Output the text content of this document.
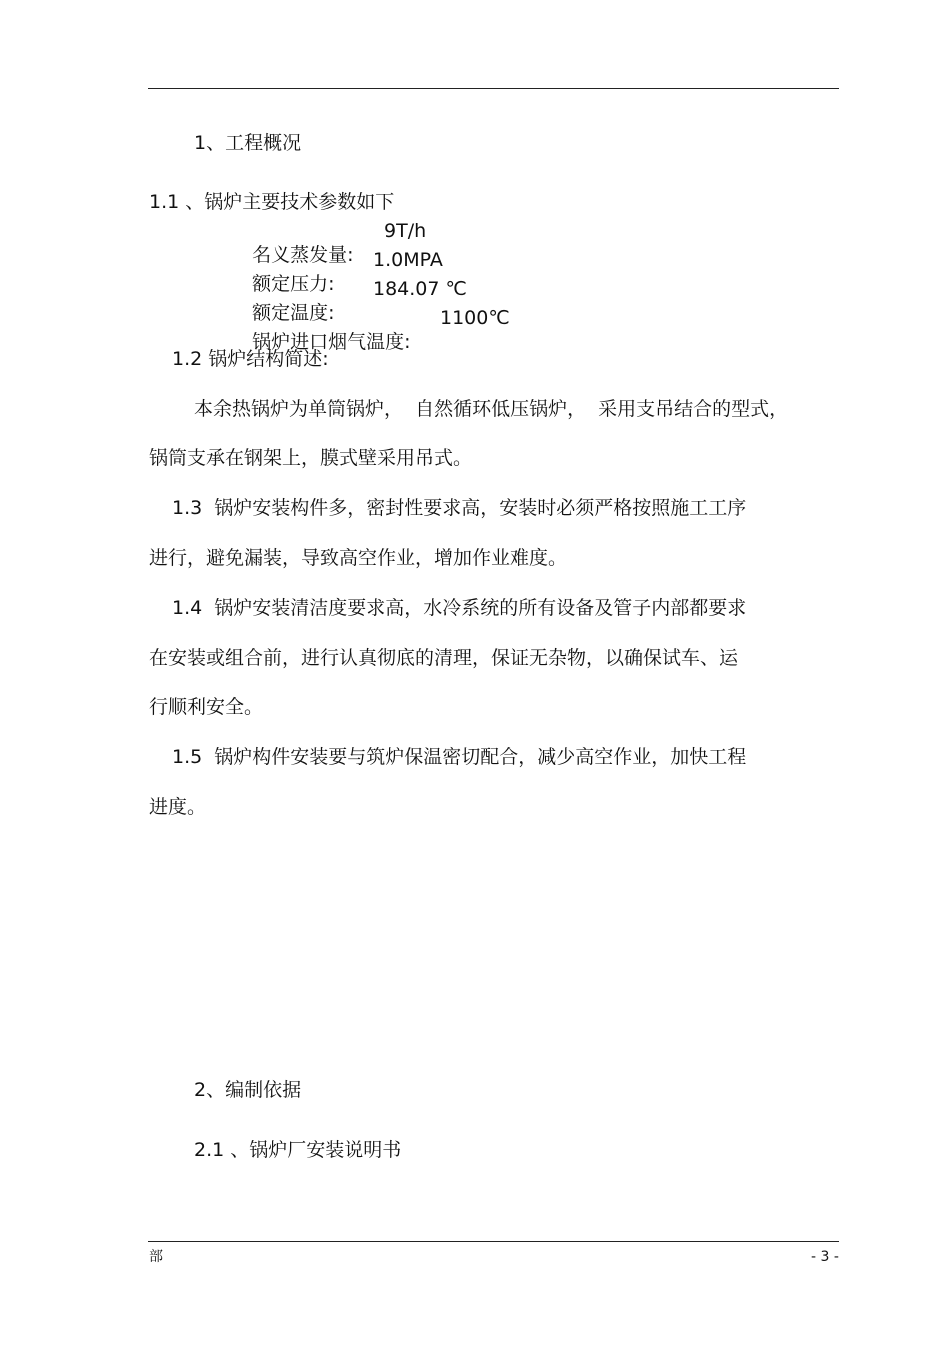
1、工程概况
1.1 、锅炉主要技术参数如下

名义蒸发量:

9T/h

额定压力:

1.0MPA

额定温度:

184.07 ℃

锅炉进口烟气温度:

1100℃

1.2 锅炉结构简述:
本余热锅炉为单筒锅炉，  自然循环低压锅炉，  采用支吊结合的型式，
锅筒支承在钢架上，膜式壁采用吊式。
1.3  锅炉安装构件多，密封性要求高，安装时必须严格按照施工工序
进行，避免漏装，导致高空作业，增加作业难度。
1.4  锅炉安装清洁度要求高，水冷系统的所有设备及管子内部都要求
在安装或组合前，进行认真彻底的清理，保证无杂物，以确保试车、运
行顺利安全。
1.5  锅炉构件安装要与筑炉保温密切配合，减少高空作业，加快工程
进度。
2、编制依据
2.1 、锅炉厂安装说明书
部	- 3 -
